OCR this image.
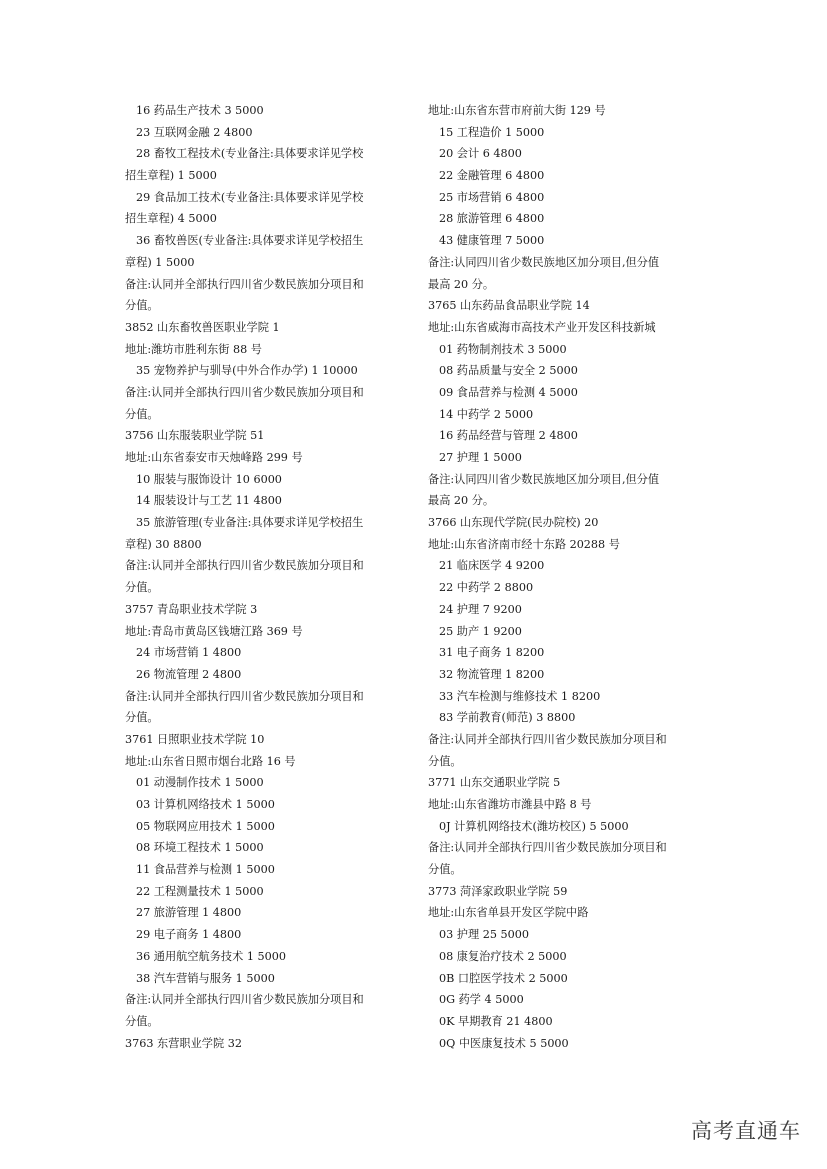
16 药品生产技术 3 5000
23 互联网金融 2 4800
28 畜牧工程技术(专业备注:具体要求详见学校
招生章程) 1 5000
29 食品加工技术(专业备注:具体要求详见学校
招生章程) 4 5000
36 畜牧兽医(专业备注:具体要求详见学校招生
章程) 1 5000
备注:认同并全部执行四川省少数民族加分项目和
分值。
3852 山东畜牧兽医职业学院 1
地址:潍坊市胜利东街 88 号
35 宠物养护与驯导(中外合作办学) 1 10000
备注:认同并全部执行四川省少数民族加分项目和
分值。
3756 山东服装职业学院 51
地址:山东省泰安市天烛峰路 299 号
10 服装与服饰设计 10 6000
14 服装设计与工艺 11 4800
35 旅游管理(专业备注:具体要求详见学校招生
章程) 30 8800
备注:认同并全部执行四川省少数民族加分项目和
分值。
3757 青岛职业技术学院 3
地址:青岛市黄岛区钱塘江路 369 号
24 市场营销 1 4800
26 物流管理 2 4800
备注:认同并全部执行四川省少数民族加分项目和
分值。
3761 日照职业技术学院 10
地址:山东省日照市烟台北路 16 号
01 动漫制作技术 1 5000
03 计算机网络技术 1 5000
05 物联网应用技术 1 5000
08 环境工程技术 1 5000
11 食品营养与检测 1 5000
22 工程测量技术 1 5000
27 旅游管理 1 4800
29 电子商务 1 4800
36 通用航空航务技术 1 5000
38 汽车营销与服务 1 5000
备注:认同并全部执行四川省少数民族加分项目和
分值。
3763 东营职业学院 32
地址:山东省东营市府前大街 129 号
15 工程造价 1 5000
20 会计 6 4800
22 金融管理 6 4800
25 市场营销 6 4800
28 旅游管理 6 4800
43 健康管理 7 5000
备注:认同四川省少数民族地区加分项目,但分值
最高 20 分。
3765 山东药品食品职业学院 14
地址:山东省威海市高技术产业开发区科技新城
01 药物制剂技术 3 5000
08 药品质量与安全 2 5000
09 食品营养与检测 4 5000
14 中药学 2 5000
16 药品经营与管理 2 4800
27 护理 1 5000
备注:认同四川省少数民族地区加分项目,但分值
最高 20 分。
3766 山东现代学院(民办院校) 20
地址:山东省济南市经十东路 20288 号
21 临床医学 4 9200
22 中药学 2 8800
24 护理 7 9200
25 助产 1 9200
31 电子商务 1 8200
32 物流管理 1 8200
33 汽车检测与维修技术 1 8200
83 学前教育(师范) 3 8800
备注:认同并全部执行四川省少数民族加分项目和
分值。
3771 山东交通职业学院 5
地址:山东省潍坊市潍县中路 8 号
0J 计算机网络技术(潍坊校区) 5 5000
备注:认同并全部执行四川省少数民族加分项目和
分值。
3773 菏泽家政职业学院 59
地址:山东省单县开发区学院中路
03 护理 25 5000
08 康复治疗技术 2 5000
0B 口腔医学技术 2 5000
0G 药学 4 5000
0K 早期教育 21 4800
0Q 中医康复技术 5 5000
高考直通车
